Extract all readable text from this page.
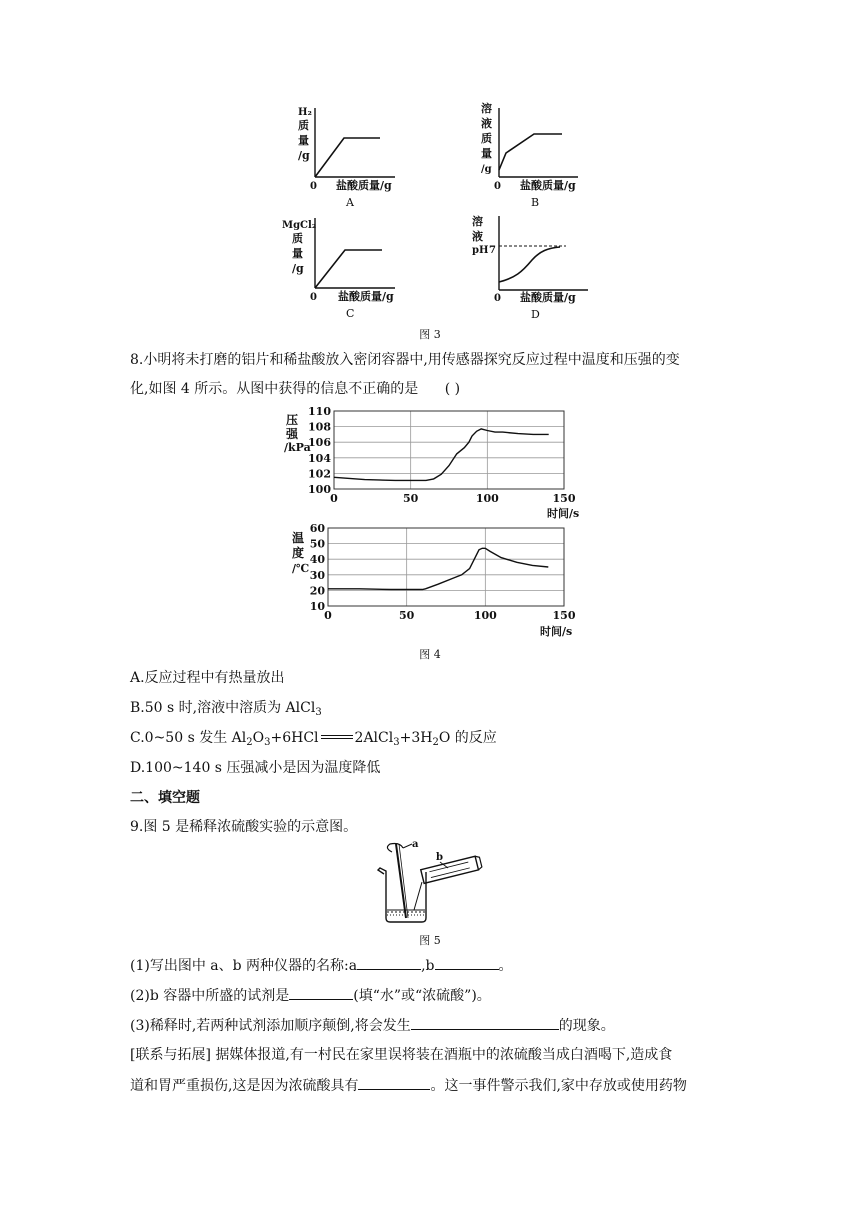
H₂
质
量
/g
0 盐酸质量/g
A
溶
液
质
量
/g
0 盐酸质量/g
B
MgCl₂
质
量
/g
0 盐酸质量/g
C
溶
液
pH 7
0 盐酸质量/g
D
图 3
8.小明将未打磨的铝片和稀盐酸放入密闭容器中,用传感器探究反应过程中温度和压强的变
化,如图 4 所示。从图中获得的信息不正确的是 ( )
压
强
/kPa
时间/s
100
102
104
106
108
110
0	50	100	150
温
度
/℃
时间/s
10
20
30
40
50
60
0	50	100	150
图 4
A.反应过程中有热量放出
B.50 s 时,溶液中溶质为 AlCl$_3$
C.0~50 s 发生 $Al_2O_3+6HCl$	$2AlCl_3+3H_2O$ 的反应
D.100~140 s 压强减小是因为温度降低
二、填空题
9.图 5 是稀释浓硫酸实验的示意图。
a
b
图 5
(1)写出图中 a、b 两种仪器的名称:a	,b	。
(2)b 容器中所盛的试剂是	(填“水”或“浓硫酸”)。
(3)稀释时,若两种试剂添加顺序颠倒,将会发生	的现象。
[联系与拓展] 据媒体报道,有一村民在家里误将装在酒瓶中的浓硫酸当成白酒喝下,造成食
道和胃严重损伤,这是因为浓硫酸具有	。这一事件警示我们,家中存放或使用药物
